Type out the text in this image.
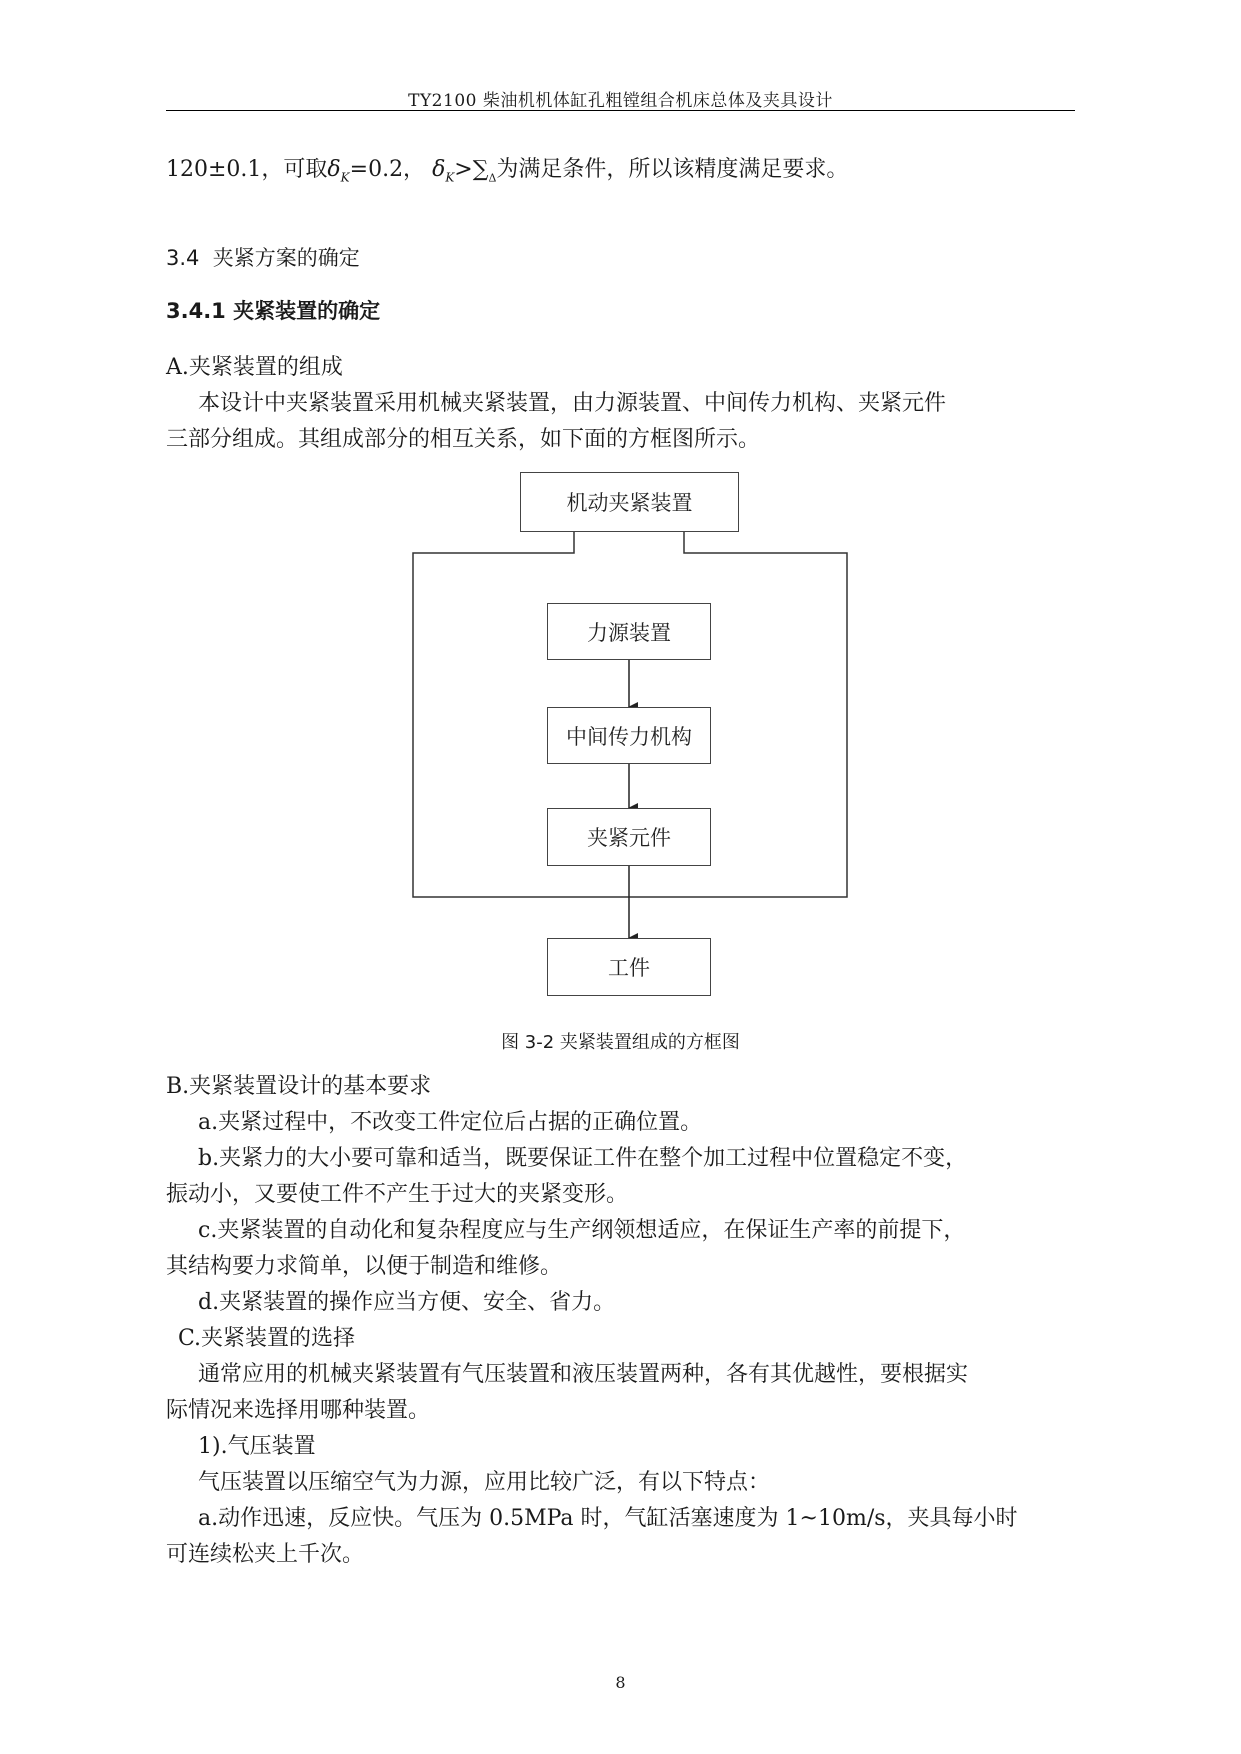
TY2100 柴油机机体缸孔粗镗组合机床总体及夹具设计
120±0.1，可取$\delta_K=0.2$， $\delta_K>\sum_\Delta$为满足条件，所以该精度满足要求。
3.4 夹紧方案的确定
3.4.1 夹紧装置的确定
A.夹紧装置的组成
本设计中夹紧装置采用机械夹紧装置，由力源装置、中间传力机构、夹紧元件
三部分组成。其组成部分的相互关系，如下面的方框图所示。
机动夹紧装置
力源装置
中间传力机构
夹紧元件
工件
图 3-2 夹紧装置组成的方框图
B.夹紧装置设计的基本要求
a.夹紧过程中，不改变工件定位后占据的正确位置。
b.夹紧力的大小要可靠和适当，既要保证工件在整个加工过程中位置稳定不变，
振动小，又要使工件不产生于过大的夹紧变形。
c.夹紧装置的自动化和复杂程度应与生产纲领想适应，在保证生产率的前提下，
其结构要力求简单，以便于制造和维修。
d.夹紧装置的操作应当方便、安全、省力。
C.夹紧装置的选择
通常应用的机械夹紧装置有气压装置和液压装置两种，各有其优越性，要根据实
际情况来选择用哪种装置。
1).气压装置
气压装置以压缩空气为力源，应用比较广泛，有以下特点：
a.动作迅速，反应快。气压为 0.5MPa 时，气缸活塞速度为 1~10m/s，夹具每小时
可连续松夹上千次。
8
